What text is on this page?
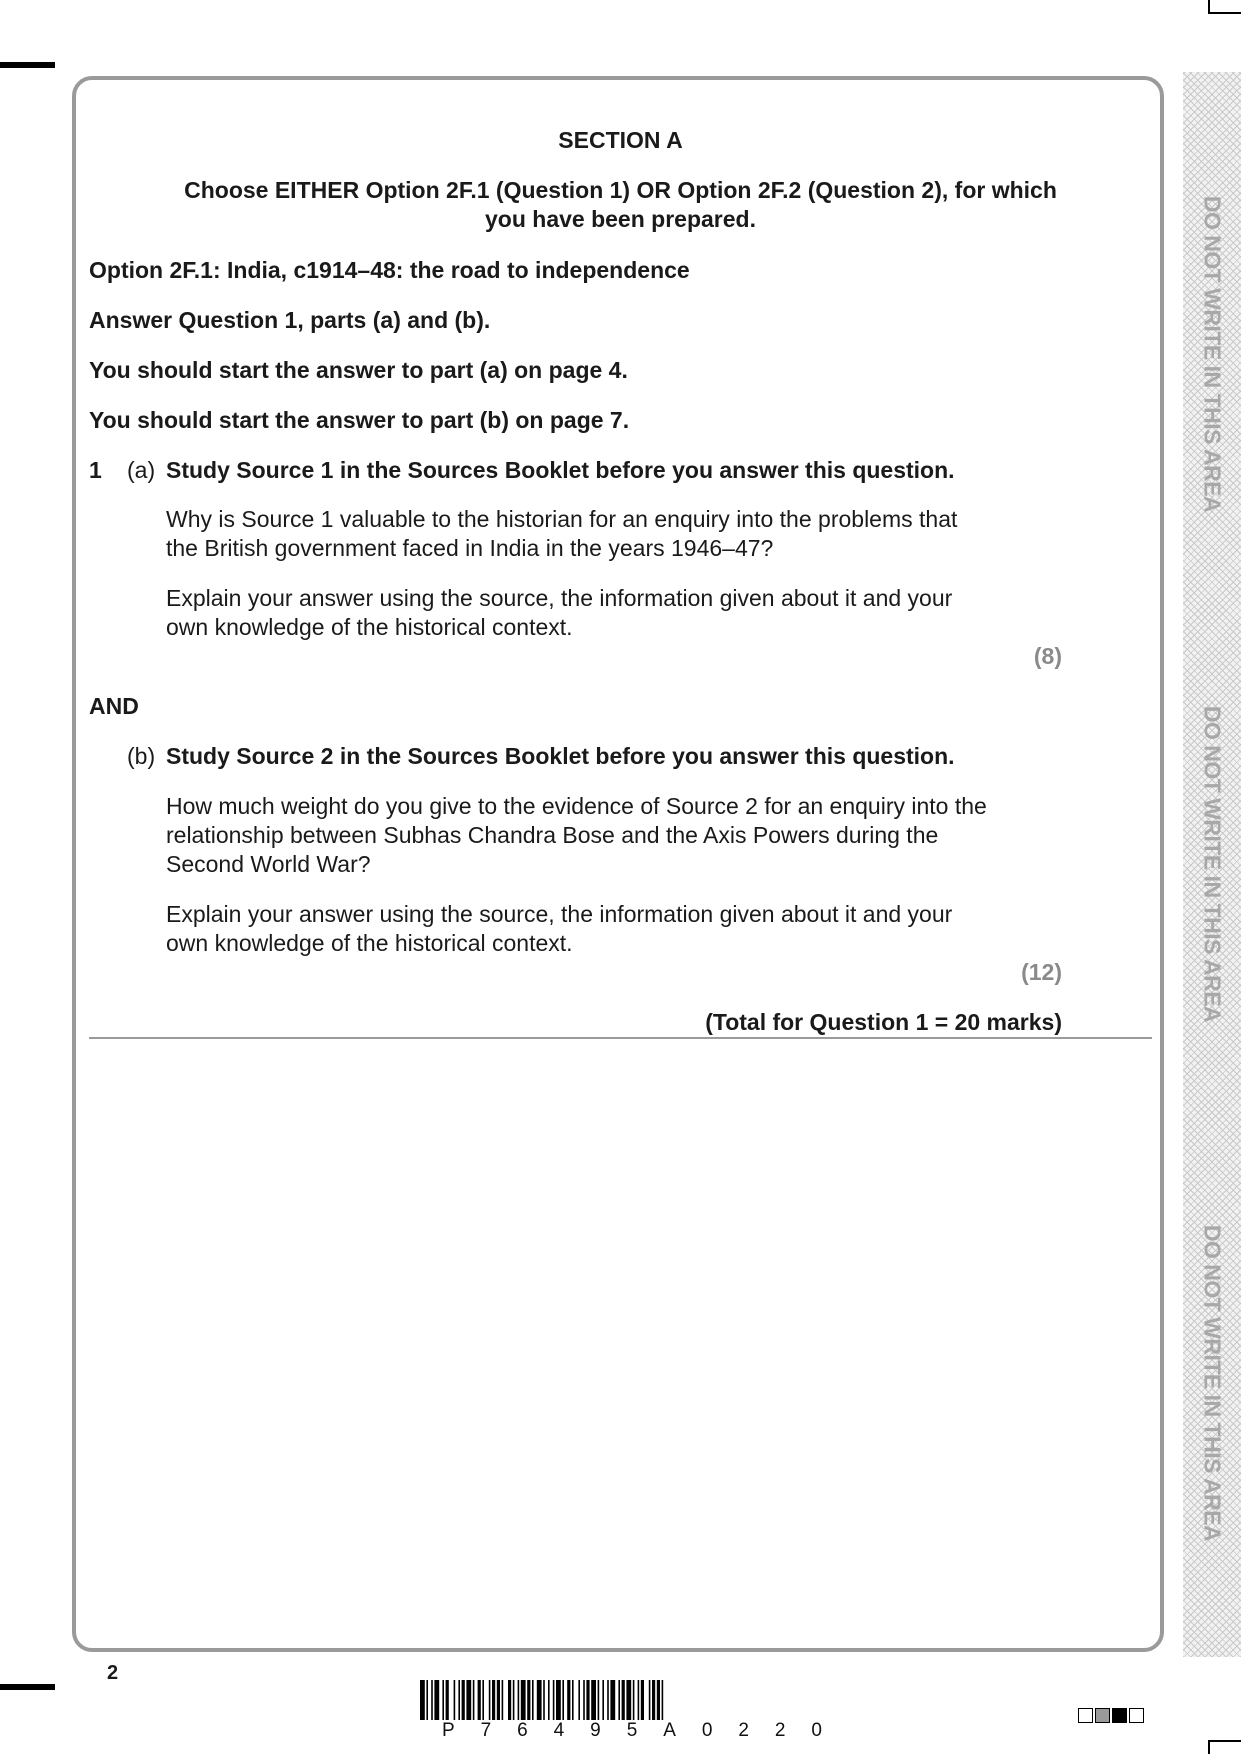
DO NOT WRITE IN THIS AREA
DO NOT WRITE IN THIS AREA
DO NOT WRITE IN THIS AREA
SECTION A
Choose EITHER Option 2F.1 (Question 1) OR Option 2F.2 (Question 2), for which you have been prepared.
Option 2F.1: India, c1914–48: the road to independence
Answer Question 1, parts (a) and (b).
You should start the answer to part (a) on page 4.
You should start the answer to part (b) on page 7.
1 (a) Study Source 1 in the Sources Booklet before you answer this question.
Why is Source 1 valuable to the historian for an enquiry into the problems that
the British government faced in India in the years 1946–47?
Explain your answer using the source, the information given about it and your
own knowledge of the historical context.
(8)
AND
(b) Study Source 2 in the Sources Booklet before you answer this question.
How much weight do you give to the evidence of Source 2 for an enquiry into the
relationship between Subhas Chandra Bose and the Axis Powers during the
Second World War?
Explain your answer using the source, the information given about it and your
own knowledge of the historical context.
(12)
(Total for Question 1 = 20 marks)
2
P 7 6 4 9 5 A 0 2 2 0
